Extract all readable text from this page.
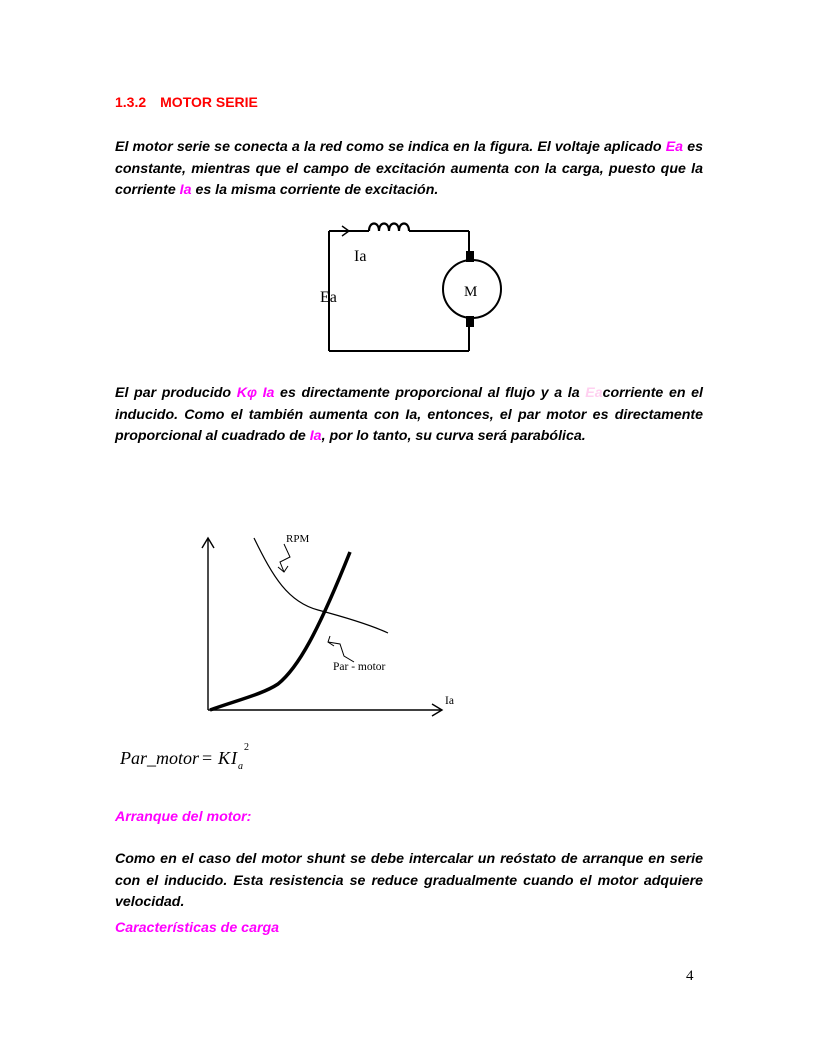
1.3.2 MOTOR SERIE
El motor serie se conecta a la red como se indica en la figura. El voltaje aplicado Ea es constante, mientras que el campo de excitación aumenta con la carga, puesto que la corriente Ia es la misma corriente de excitación.
Ia
Ea	M
El par producido Kφ Ia es directamente proporcional al flujo y a la Eacorriente en el inducido. Como el también aumenta con Ia, entonces, el par motor es directamente proporcional al cuadrado de Ia, por lo tanto, su curva será parabólica.
RPM
Par - motor
Ia
Par_motor = K I a
2
Arranque del motor:
Como en el caso del motor shunt se debe intercalar un reóstato de arranque en serie con el inducido. Esta resistencia se reduce gradualmente cuando el motor adquiere velocidad.
Características de carga
4
